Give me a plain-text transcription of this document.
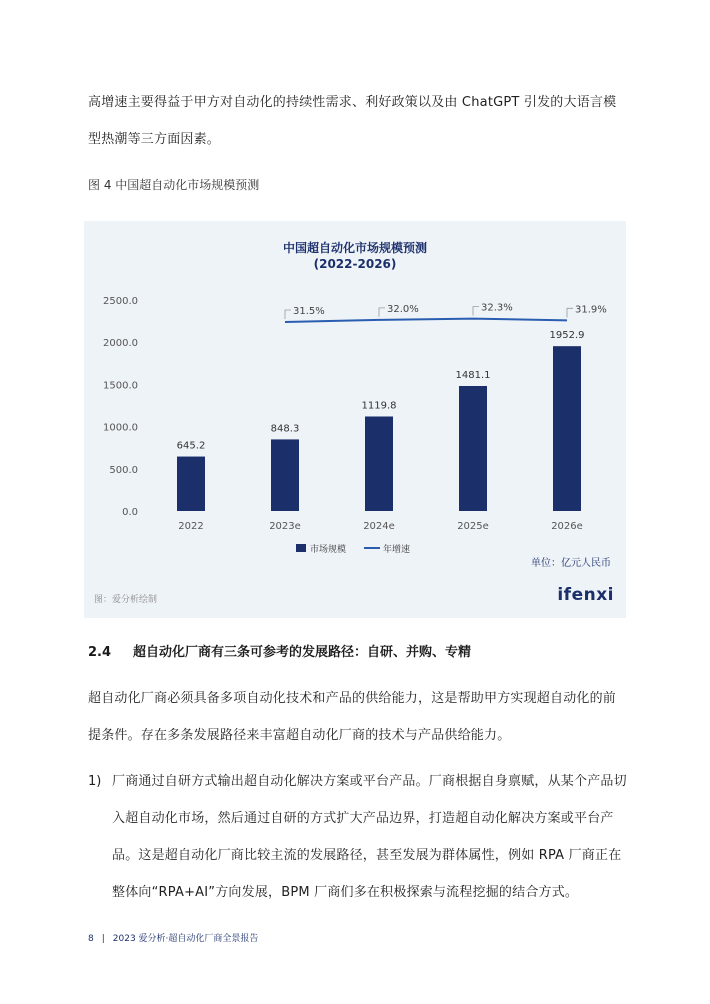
高增速主要得益于甲方对自动化的持续性需求、利好政策以及由 ChatGPT 引发的大语言模型热潮等三方面因素。

图 4 中国超自动化市场规模预测
中国超自动化市场规模预测
(2022-2026)
0.0
500.0
1000.0
1500.0
2000.0
2500.0
645.2
2022
848.3
2023e
1119.8
2024e
1481.1
2025e
1952.9
2026e
31.5%	32.0%	32.3%	31.9%
市场规模	年增速
单位：亿元人民币
图：爱分析绘制	ifenxi
2.4 超自动化厂商有三条可参考的发展路径：自研、并购、专精

超自动化厂商必须具备多项自动化技术和产品的供给能力，这是帮助甲方实现超自动化的前提条件。存在多条发展路径来丰富超自动化厂商的技术与产品供给能力。

1) 厂商通过自研方式输出超自动化解决方案或平台产品。厂商根据自身禀赋，从某个产品切入超自动化市场，然后通过自研的方式扩大产品边界，打造超自动化解决方案或平台产品。这是超自动化厂商比较主流的发展路径，甚至发展为群体属性，例如 RPA 厂商正在整体向“RPA+AI”方向发展，BPM 厂商们多在积极探索与流程挖掘的结合方式。
8 | 2023 爱分析·超自动化厂商全景报告
